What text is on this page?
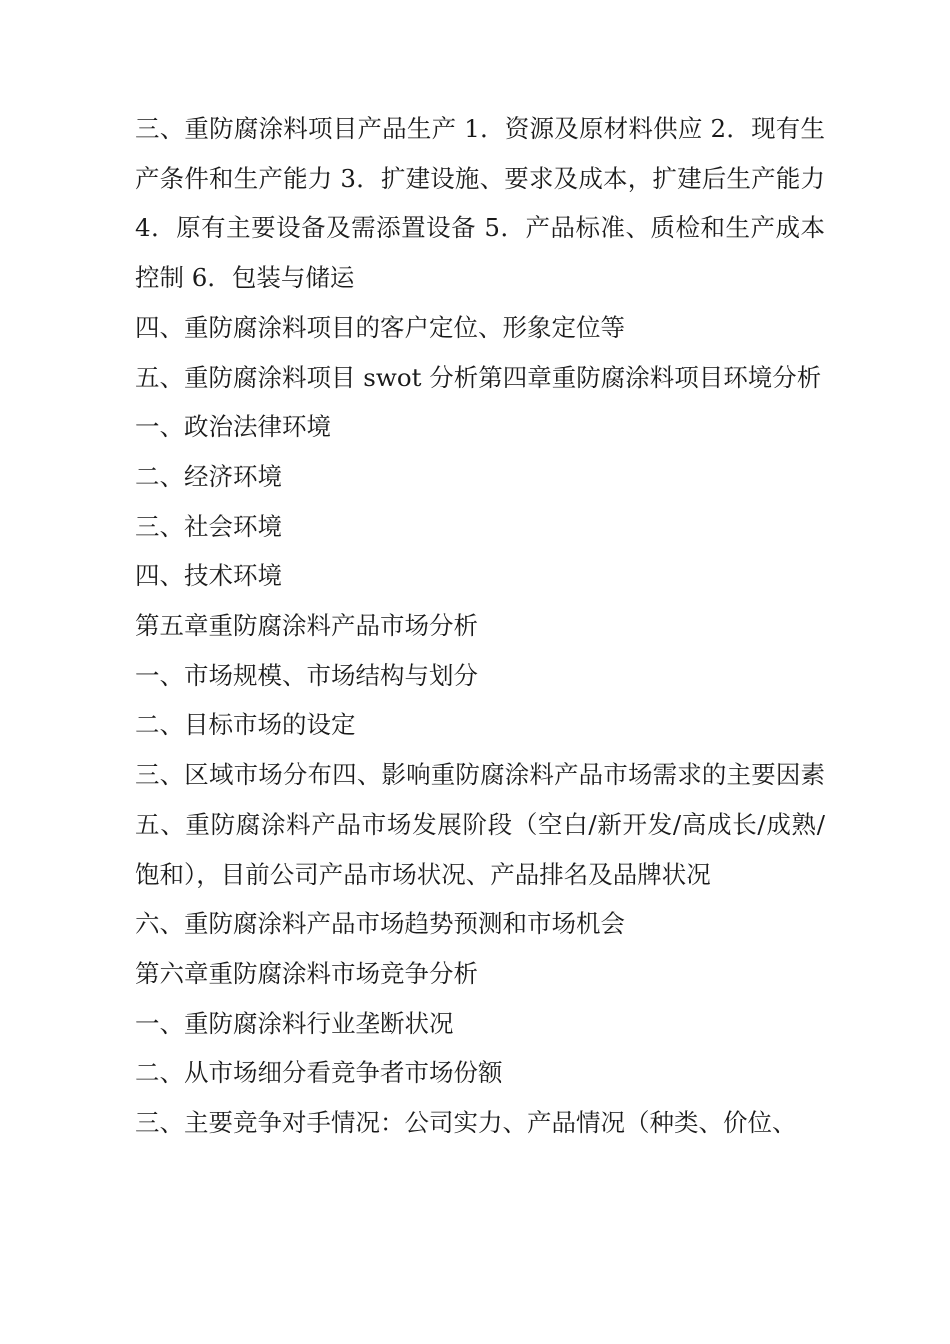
三、重防腐涂料项目产品生产 1．资源及原材料供应 2．现有生产条件和生产能力 3．扩建设施、要求及成本，扩建后生产能力 4．原有主要设备及需添置设备 5．产品标准、质检和生产成本控制 6．包装与储运

四、重防腐涂料项目的客户定位、形象定位等

五、重防腐涂料项目 swot 分析第四章重防腐涂料项目环境分析

一、政治法律环境

二、经济环境

三、社会环境

四、技术环境

第五章重防腐涂料产品市场分析

一、市场规模、市场结构与划分

二、目标市场的设定

三、区域市场分布四、影响重防腐涂料产品市场需求的主要因素五、重防腐涂料产品市场发展阶段（空白/新开发/高成长/成熟/饱和），目前公司产品市场状况、产品排名及品牌状况

六、重防腐涂料产品市场趋势预测和市场机会

第六章重防腐涂料市场竞争分析

一、重防腐涂料行业垄断状况

二、从市场细分看竞争者市场份额

三、主要竞争对手情况：公司实力、产品情况（种类、价位、
